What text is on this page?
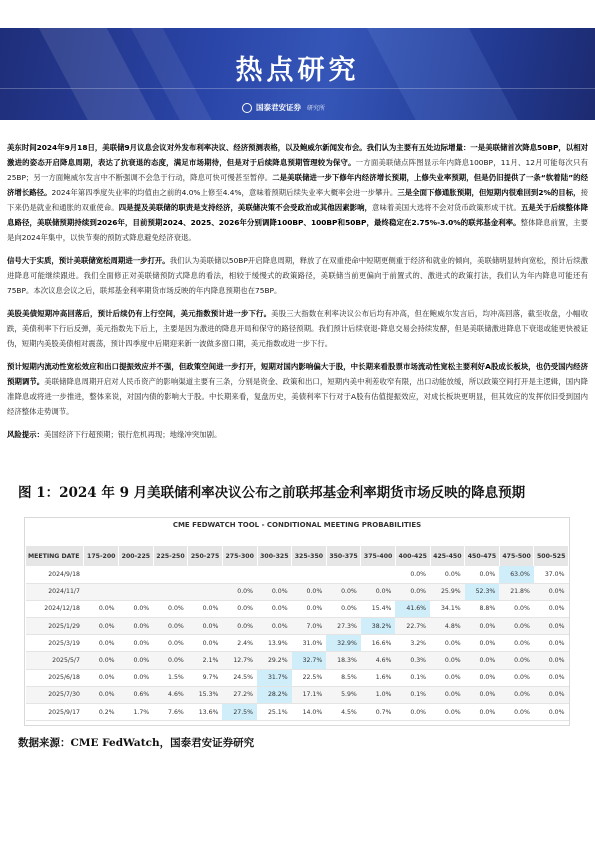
热点研究
国泰君安证券 研究所

美东时间2024年9月18日，美联储9月议息会议对外发布利率决议、经济预测表格，以及鲍威尔新闻发布会。我们认为主要有五处边际增量：一是美联储首次降息50BP，以相对激进的姿态开启降息周期，表达了抗衰退的态度，满足市场期待，但是对于后续降息预期管理较为保守。一方面美联储点阵图显示年内降息100BP，11月、12月可能每次只有25BP；另一方面鲍威尔发言中不断强调不会急于行动，降息可快可慢甚至暂停。二是美联储进一步下修年内经济增长预期，上修失业率预期，但是仍旧提供了一条“软着陆”的经济增长路径。2024年第四季度失业率的均值由之前的4.0%上修至4.4%，意味着预期后续失业率大概率会进一步攀升。三是全面下修通胀预期，但短期内很难回到2%的目标，接下来仍是就业和通胀的双重使命。四是提及美联储的职责是支持经济，美联储决策不会受政治或其他因素影响，意味着美国大选将不会对货币政策形成干扰。五是关于后续整体降息路径，美联储预期持续到2026年，目前预期2024、2025、2026年分别调降100BP、100BP和50BP，最终稳定在2.75%-3.0%的联邦基金利率。整体降息前置，主要是向2024年集中，以快节奏的预防式降息避免经济衰退。

信号大于实质，预计美联储宽松周期进一步打开。我们认为美联储以50BP开启降息周期，释放了在双重使命中短期更侧重于经济和就业的倾向，美联储明显转向宽松，预计后续激进降息可能继续跟进。我们全面修正对美联储预防式降息的看法，相较于缓慢式的政策路径，美联储当前更偏向于前置式的、激进式的政策打法，我们认为年内降息可能还有75BP。本次议息会议之后，联邦基金利率期货市场反映的年内降息预期也在75BP。

美股美债短期冲高回落后，预计后续仍有上行空间，美元指数预计进一步下行。美股三大指数在利率决议公布后均有冲高，但在鲍威尔发言后，均冲高回落，截至收盘，小幅收跌，美债利率下行后反弹，美元指数先下后上，主要是因为激进的降息开局和保守的路径预期。我们预计后续衰退-降息交易会持续发酵，但是美联储激进降息下衰退或能更快被证伪，短期内美股美债相对震荡，预计四季度中后期迎来新一波做多窗口期，美元指数或进一步下行。

预计短期内流动性宽松效应和出口提振效应并不强，但政策空间进一步打开，短期对国内影响偏大于股，中长期来看股票市场流动性宽松主要利好A股成长板块，也仍受国内经济预期调节。美联储降息周期开启对人民币资产的影响渠道主要有三条，分别是资金、政策和出口，短期内美中利差收窄有限，出口动能放缓，所以政策空间打开是主逻辑，国内降准降息或将进一步推进，整体来说，对国内债的影响大于股。中长期来看，复盘历史，美债利率下行对于A股有估值提振效应，对成长板块更明显，但其效应的发挥依旧受到国内经济整体走势调节。

风险提示：美国经济下行超预期；银行危机再现；地缘冲突加剧。

图 1：2024 年 9 月美联储利率决议公布之前联邦基金利率期货市场反映的降息预期
CME FEDWATCH TOOL - CONDITIONAL MEETING PROBABILITIES
MEETING DATE	175-200	200-225	225-250	250-275	275-300	300-325	325-350	350-375	375-400	400-425	425-450	450-475	475-500	500-525
2024/9/18										0.0%	0.0%	0.0%	63.0%	37.0%
2024/11/7					0.0%	0.0%	0.0%	0.0%	0.0%	0.0%	25.9%	52.3%	21.8%	0.0%
2024/12/18	0.0%	0.0%	0.0%	0.0%	0.0%	0.0%	0.0%	0.0%	15.4%	41.6%	34.1%	8.8%	0.0%	0.0%
2025/1/29	0.0%	0.0%	0.0%	0.0%	0.0%	0.0%	7.0%	27.3%	38.2%	22.7%	4.8%	0.0%	0.0%	0.0%
2025/3/19	0.0%	0.0%	0.0%	0.0%	2.4%	13.9%	31.0%	32.9%	16.6%	3.2%	0.0%	0.0%	0.0%	0.0%
2025/5/7	0.0%	0.0%	0.0%	2.1%	12.7%	29.2%	32.7%	18.3%	4.6%	0.3%	0.0%	0.0%	0.0%	0.0%
2025/6/18	0.0%	0.0%	1.5%	9.7%	24.5%	31.7%	22.5%	8.5%	1.6%	0.1%	0.0%	0.0%	0.0%	0.0%
2025/7/30	0.0%	0.6%	4.6%	15.3%	27.2%	28.2%	17.1%	5.9%	1.0%	0.1%	0.0%	0.0%	0.0%	0.0%
2025/9/17	0.2%	1.7%	7.6%	13.6%	27.5%	25.1%	14.0%	4.5%	0.7%	0.0%	0.0%	0.0%	0.0%	0.0%
数据来源：CME FedWatch，国泰君安证券研究
